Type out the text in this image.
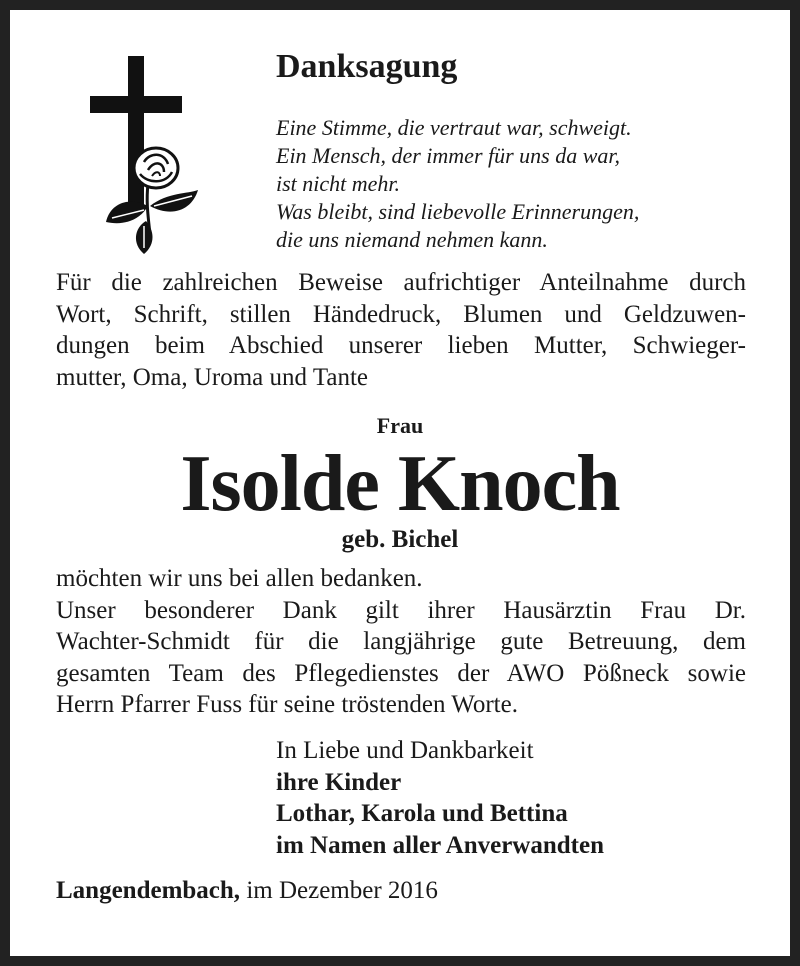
Danksagung
Eine Stimme, die vertraut war, schweigt.
Ein Mensch, der immer für uns da war,
ist nicht mehr.
Was bleibt, sind liebevolle Erinnerungen,
die uns niemand nehmen kann.
Für die zahlreichen Beweise aufrichtiger Anteilnahme durch
Wort, Schrift, stillen Händedruck, Blumen und Geldzuwen-
dungen beim Abschied unserer lieben Mutter, Schwieger-
mutter, Oma, Uroma und Tante
Frau
Isolde Knoch
geb. Bichel
möchten wir uns bei allen bedanken.
Unser besonderer Dank gilt ihrer Hausärztin Frau Dr.
Wachter-Schmidt für die langjährige gute Betreuung, dem
gesamten Team des Pflegedienstes der AWO Pößneck sowie
Herrn Pfarrer Fuss für seine tröstenden Worte.
In Liebe und Dankbarkeit
ihre Kinder
Lothar, Karola und Bettina
im Namen aller Anverwandten
Langendembach, im Dezember 2016
